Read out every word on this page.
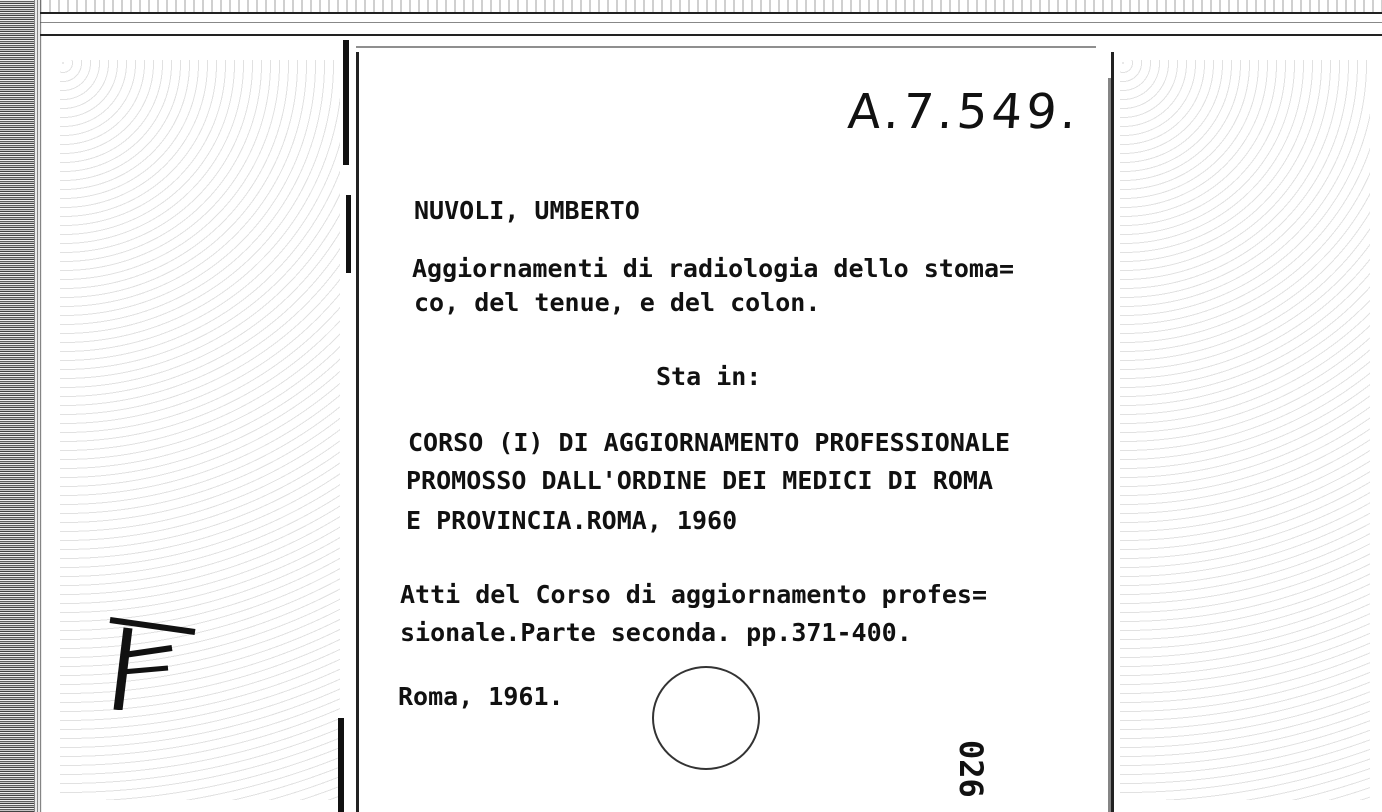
A.7.549.
NUVOLI, UMBERTO
Aggiornamenti di radiologia dello stoma=
co, del tenue, e del colon.
Sta in:
CORSO (I) DI AGGIORNAMENTO PROFESSIONALE
PROMOSSO DALL'ORDINE DEI MEDICI DI ROMA
E PROVINCIA.ROMA, 1960
Atti del Corso di aggiornamento profes=
sionale.Parte seconda. pp.371-400.
Roma, 1961.
026
